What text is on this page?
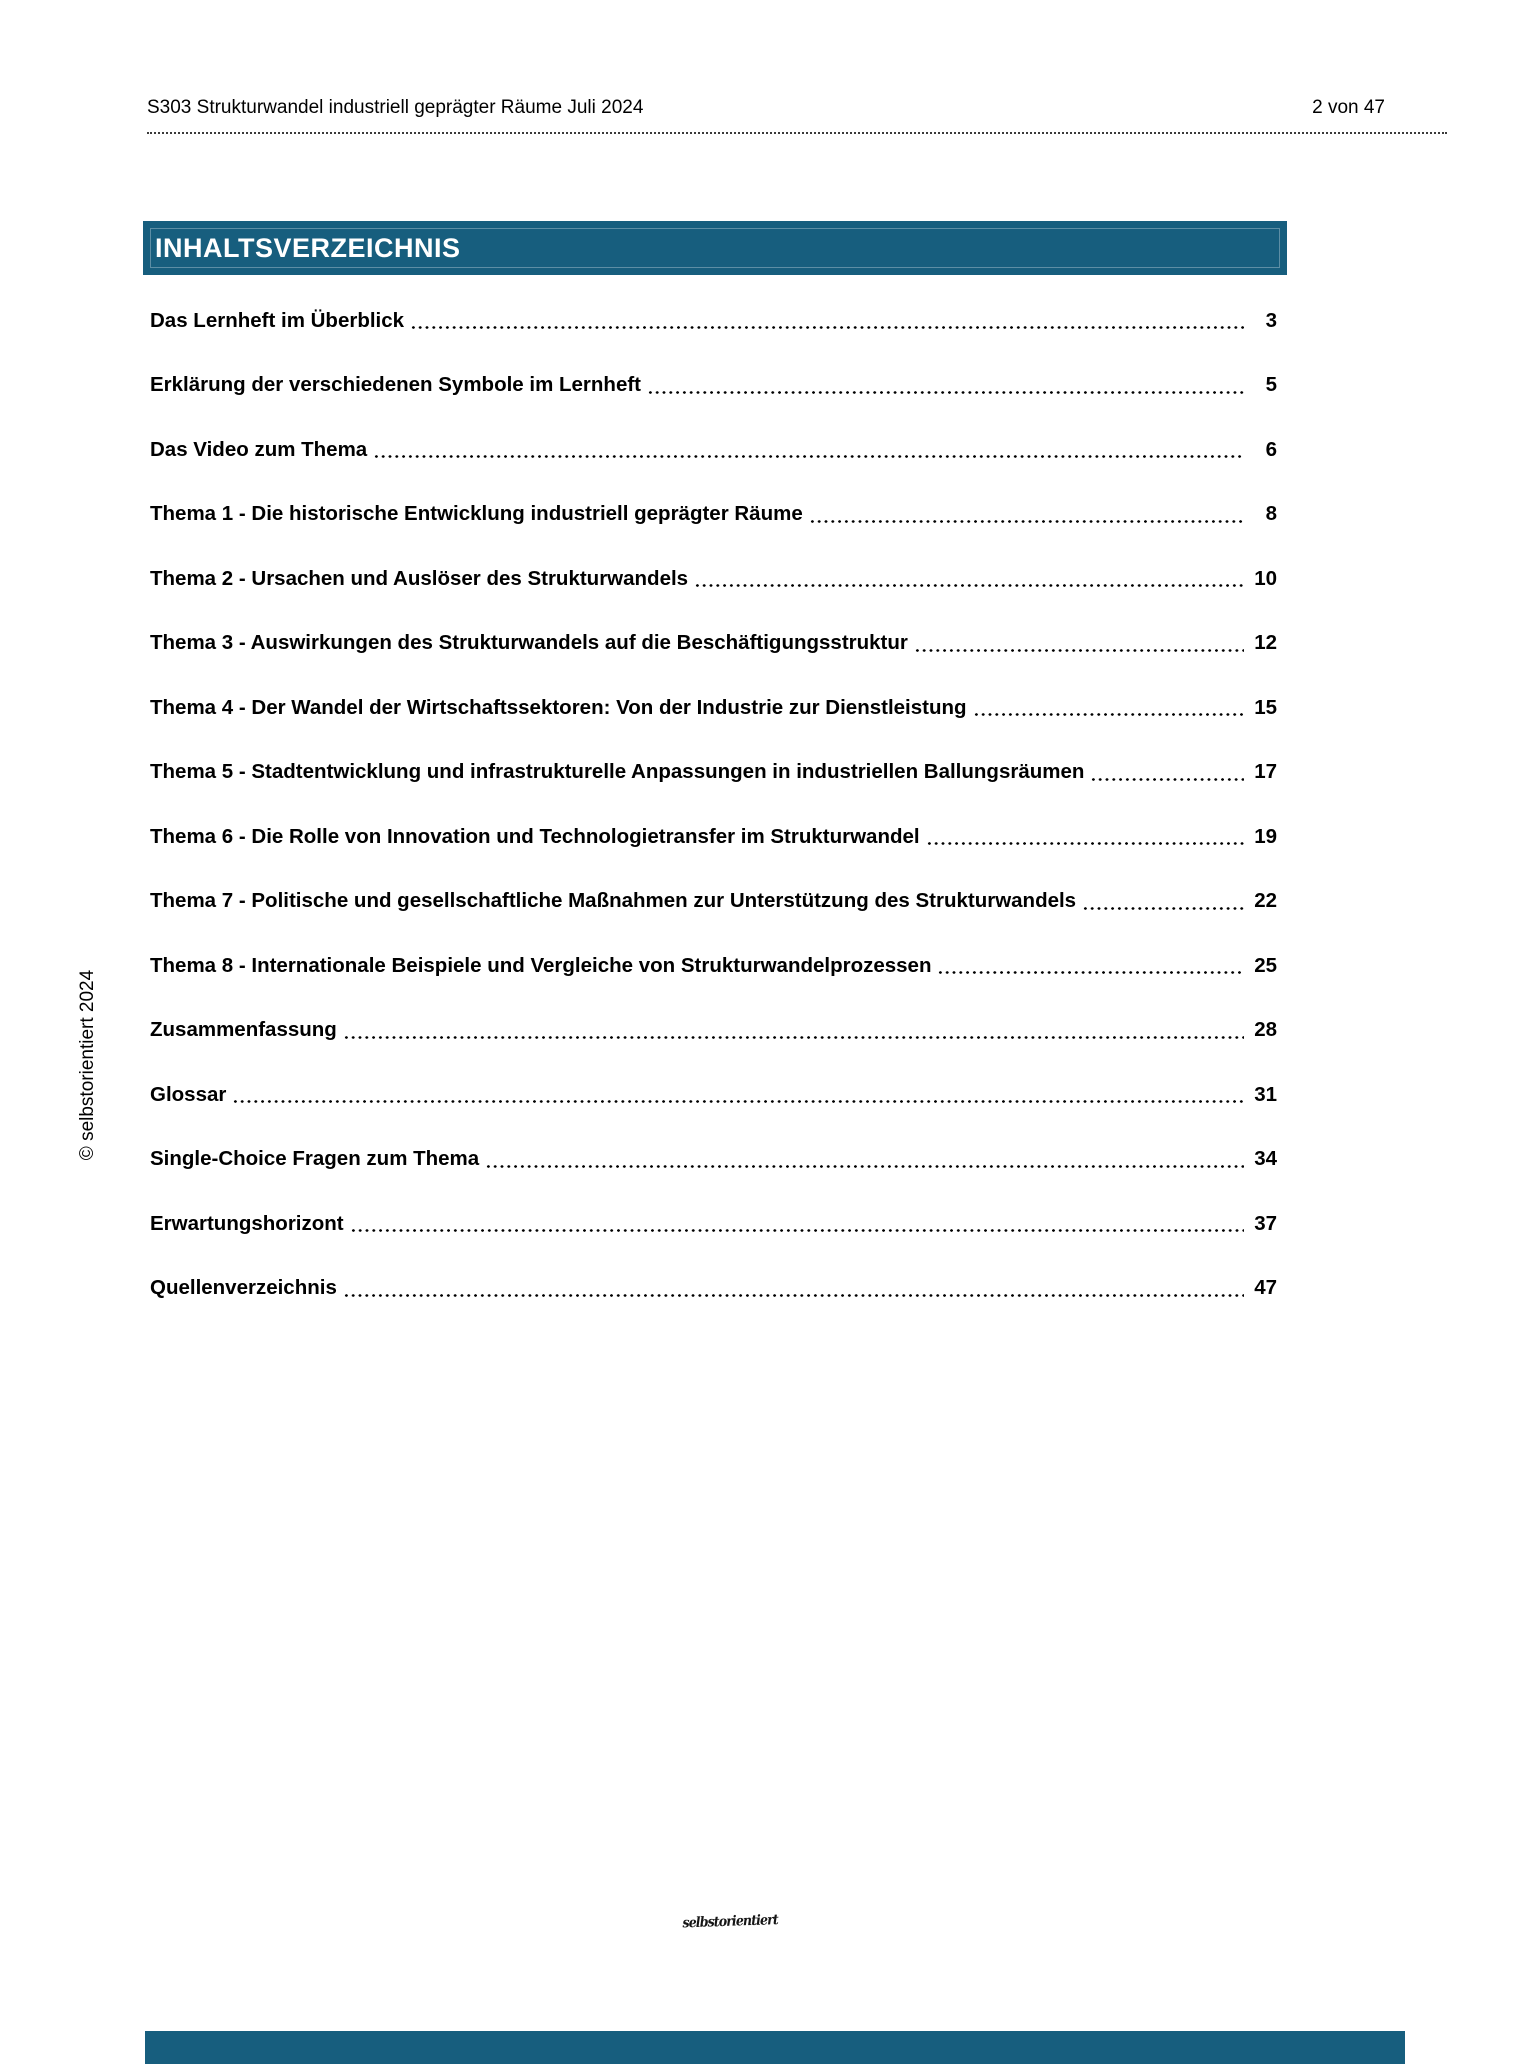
S303 Strukturwandel industriell geprägter Räume Juli 2024	2 von 47
INHALTSVERZEICHNIS
Das Lernheft im Überblick	3
Erklärung der verschiedenen Symbole im Lernheft	5
Das Video zum Thema	6
Thema 1 - Die historische Entwicklung industriell geprägter Räume	8
Thema 2 - Ursachen und Auslöser des Strukturwandels	10
Thema 3 - Auswirkungen des Strukturwandels auf die Beschäftigungsstruktur	12
Thema 4 - Der Wandel der Wirtschaftssektoren: Von der Industrie zur Dienstleistung	15
Thema 5 - Stadtentwicklung und infrastrukturelle Anpassungen in industriellen Ballungsräumen	17
Thema 6 - Die Rolle von Innovation und Technologietransfer im Strukturwandel	19
Thema 7 - Politische und gesellschaftliche Maßnahmen zur Unterstützung des Strukturwandels	22
Thema 8 - Internationale Beispiele und Vergleiche von Strukturwandelprozessen	25
Zusammenfassung	28
Glossar	31
Single-Choice Fragen zum Thema	34
Erwartungshorizont	37
Quellenverzeichnis	47
© selbstorientiert 2024
selbstorientiert
